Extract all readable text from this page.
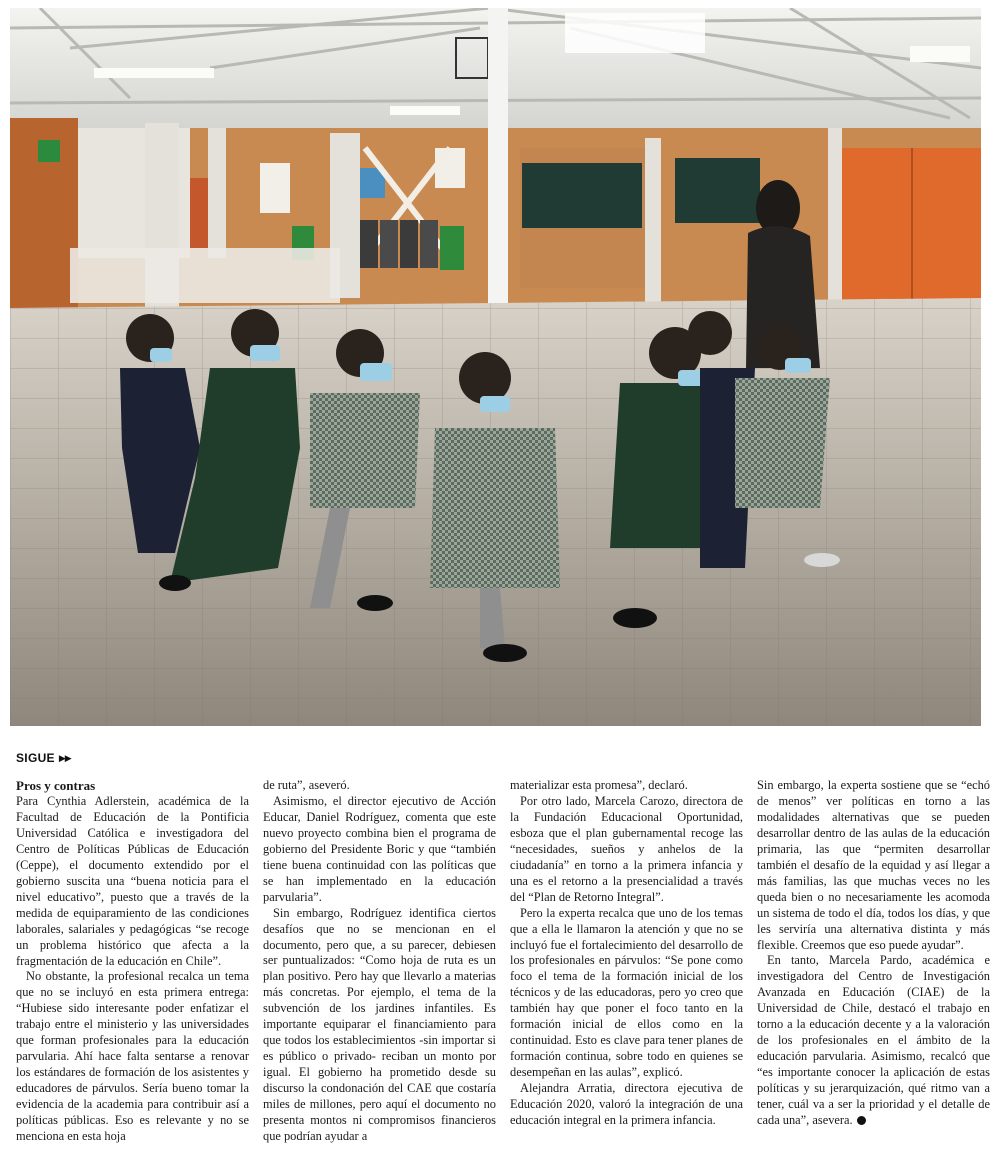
SIGUE ▶▶
Pros y contras

Para Cynthia Adlerstein, académica de la Facultad de Educación de la Pontificia Universidad Católica e investigadora del Centro de Políticas Públicas de Educación (Ceppe), el documento extendido por el gobierno suscita una “buena noticia para el nivel educativo”, puesto que a través de la medida de equiparamiento de las condiciones laborales, salariales y pedagógicas “se recoge un problema histórico que afecta a la fragmentación de la educación en Chile”.

No obstante, la profesional recalca un tema que no se incluyó en esta primera entrega: “Hubiese sido interesante poder enfatizar el trabajo entre el ministerio y las universidades que forman profesionales para la educación parvularia. Ahí hace falta sentarse a renovar los estándares de formación de los asistentes y educadores de párvulos. Sería bueno tomar la evidencia de la academia para contribuir así a políticas públicas. Eso es relevante y no se menciona en esta hoja

de ruta”, aseveró.

Asimismo, el director ejecutivo de Acción Educar, Daniel Rodríguez, comenta que este nuevo proyecto combina bien el programa de gobierno del Presidente Boric y que “también tiene buena continuidad con las políticas que se han implementado en la educación parvularia”.

Sin embargo, Rodríguez identifica ciertos desafíos que no se mencionan en el documento, pero que, a su parecer, debiesen ser puntualizados: “Como hoja de ruta es un plan positivo. Pero hay que llevarlo a materias más concretas. Por ejemplo, el tema de la subvención de los jardines infantiles. Es importante equiparar el financiamiento para que todos los establecimientos -sin importar si es público o privado- reciban un monto por igual. El gobierno ha prometido desde su discurso la condonación del CAE que costaría miles de millones, pero aquí el documento no presenta montos ni compromisos financieros que podrían ayudar a

materializar esta promesa”, declaró.

Por otro lado, Marcela Carozo, directora de la Fundación Educacional Oportunidad, esboza que el plan gubernamental recoge las “necesidades, sueños y anhelos de la ciudadanía” en torno a la primera infancia y una es el retorno a la presencialidad a través del “Plan de Retorno Integral”.

Pero la experta recalca que uno de los temas que a ella le llamaron la atención y que no se incluyó fue el fortalecimiento del desarrollo de los profesionales en párvulos: “Se pone como foco el tema de la formación inicial de los técnicos y de las educadoras, pero yo creo que también hay que poner el foco tanto en la formación inicial de ellos como en la continuidad. Esto es clave para tener planes de formación continua, sobre todo en quienes se desempeñan en las aulas”, explicó.

Alejandra Arratia, directora ejecutiva de Educación 2020, valoró la integración de una educación integral en la primera infancia.

Sin embargo, la experta sostiene que se “echó de menos” ver políticas en torno a las modalidades alternativas que se pueden desarrollar dentro de las aulas de la educación primaria, las que “permiten desarrollar también el desafío de la equidad y así llegar a más familias, las que muchas veces no les queda bien o no necesariamente les acomoda un sistema de todo el día, todos los días, y que les serviría una alternativa distinta y más flexible. Creemos que eso puede ayudar”.

En tanto, Marcela Pardo, académica e investigadora del Centro de Investigación Avanzada en Educación (CIAE) de la Universidad de Chile, destacó el trabajo en torno a la educación decente y a la valoración de los profesionales en el ámbito de la educación parvularia. Asimismo, recalcó que “es importante conocer la aplicación de estas políticas y su jerarquización, qué ritmo van a tener, cuál va a ser la prioridad y el detalle de cada una”, asevera.
